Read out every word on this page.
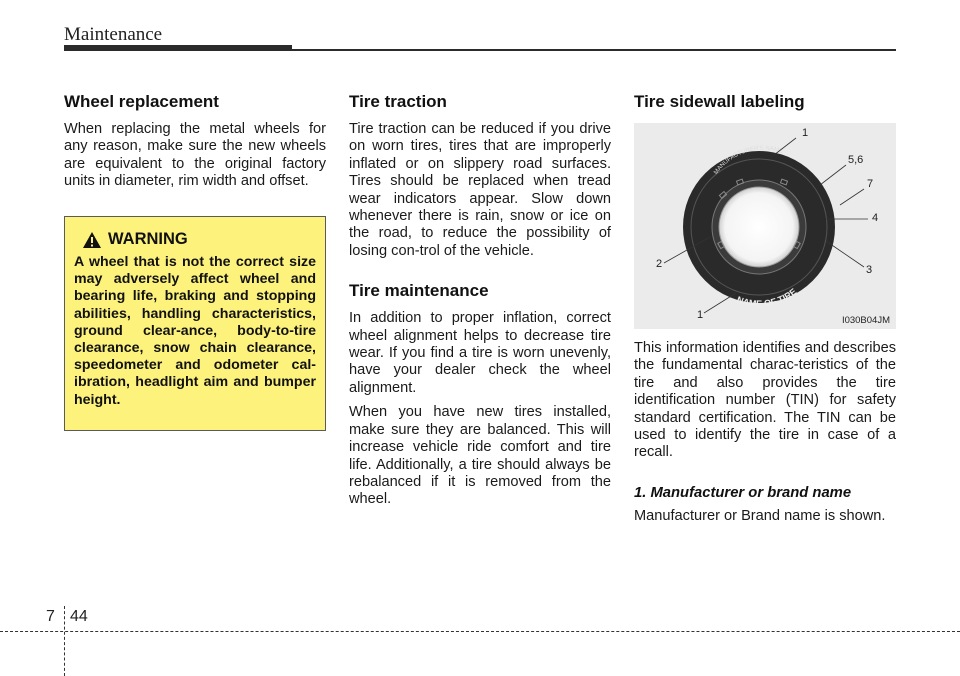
Maintenance
Wheel replacement

When replacing the metal wheels for any reason, make sure the new wheels are equivalent to the original factory units in diameter, rim width and offset.

WARNING
A wheel that is not the correct size may adversely affect wheel and bearing life, braking and stopping abilities, handling characteristics, ground clear-ance, body-to-tire clearance, snow chain clearance, speedometer and odometer cal-ibration, headlight aim and bumper height.
Tire traction

Tire traction can be reduced if you drive on worn tires, tires that are improperly inflated or on slippery road surfaces. Tires should be replaced when tread wear indicators appear. Slow down whenever there is rain, snow or ice on the road, to reduce the possibility of losing con-trol of the vehicle.

Tire maintenance

In addition to proper inflation, correct wheel alignment helps to decrease tire wear. If you find a tire is worn unevenly, have your dealer check the wheel alignment.

When you have new tires installed, make sure they are balanced. This will increase vehicle ride comfort and tire life. Additionally, a tire should always be rebalanced if it is removed from the wheel.

Tire sidewall labeling
MANUFACTURER'S NAME
NAME OF TIRE
1
5,6
7
4
3
2
1	I030B04JM

This information identifies and describes the fundamental charac-teristics of the tire and also provides the tire identification number (TIN) for safety standard certification. The TIN can be used to identify the tire in case of a recall.

1. Manufacturer or brand name

Manufacturer or Brand name is shown.

7 44
